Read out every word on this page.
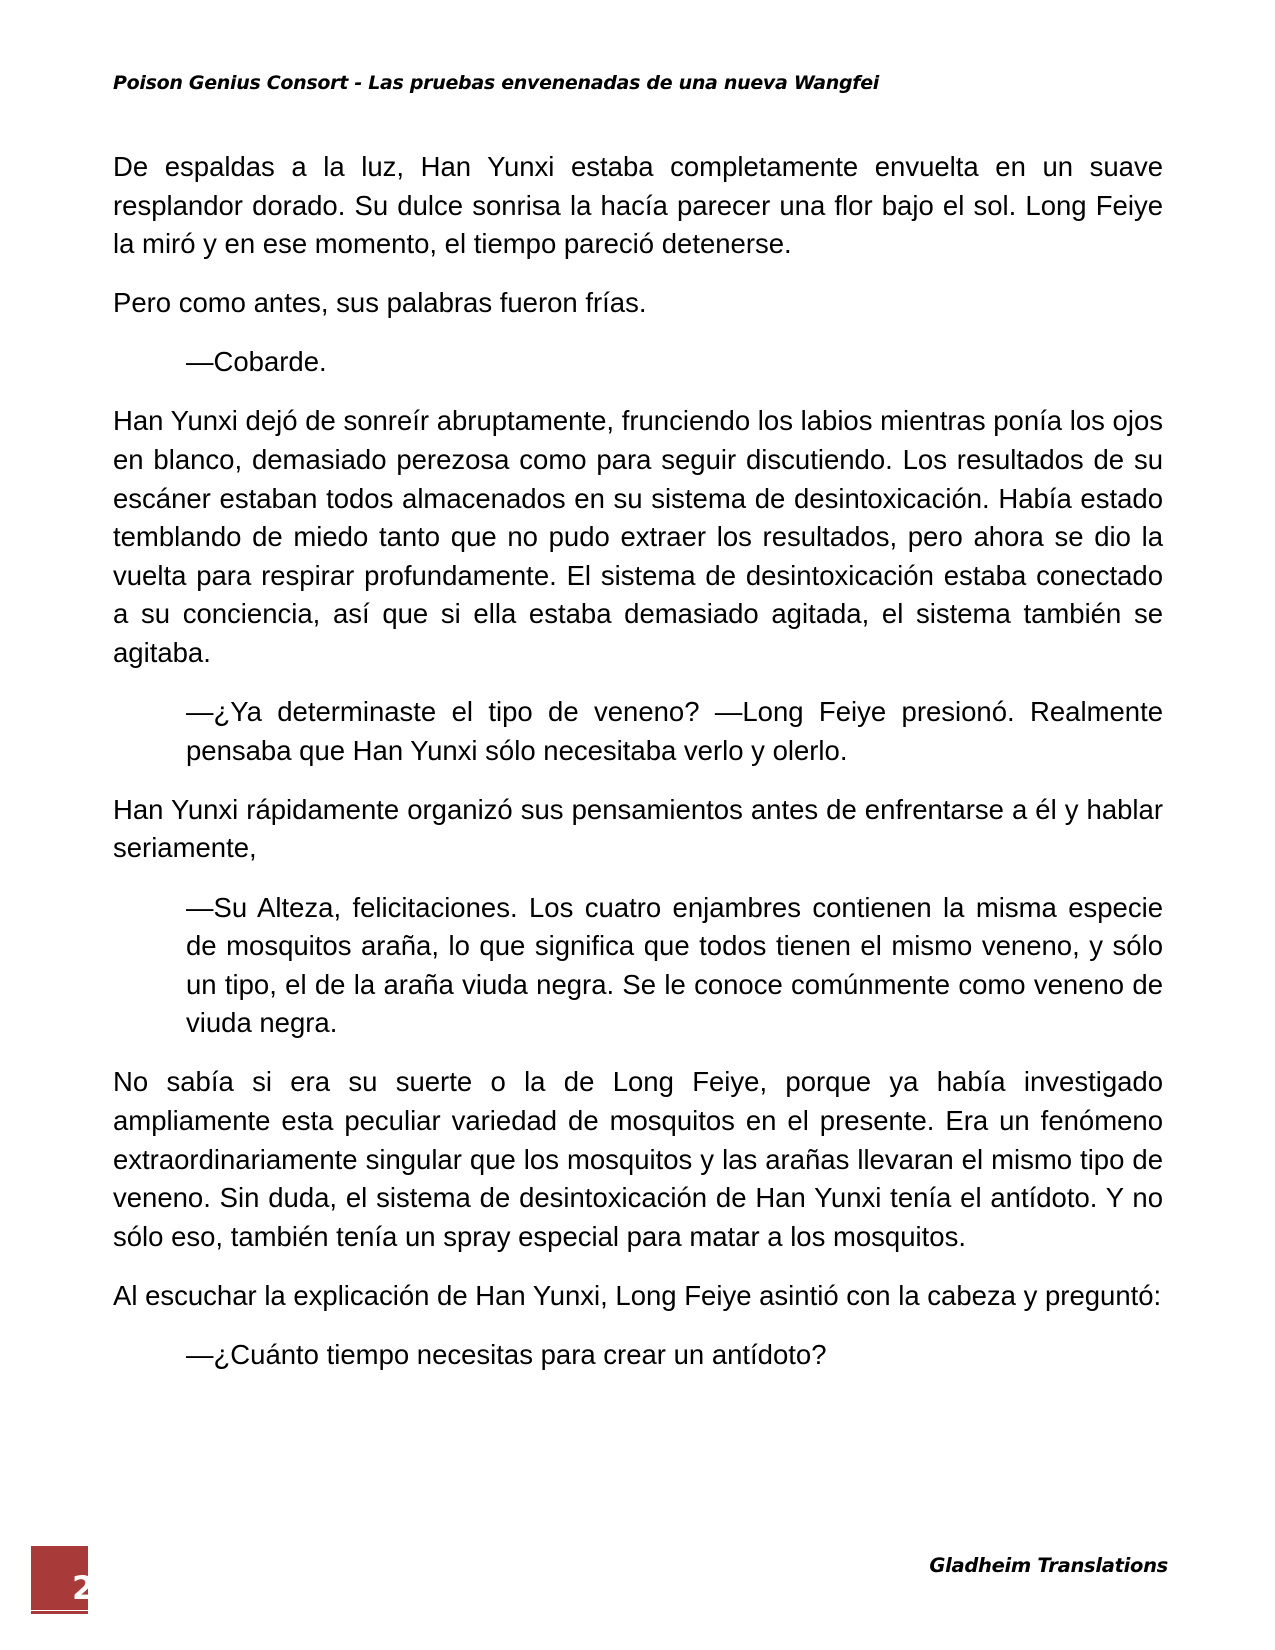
Poison Genius Consort - Las pruebas envenenadas de una nueva Wangfei

De espaldas a la luz, Han Yunxi estaba completamente envuelta en un suave resplandor dorado. Su dulce sonrisa la hacía parecer una flor bajo el sol. Long Feiye la miró y en ese momento, el tiempo pareció detenerse.

Pero como antes, sus palabras fueron frías.

—Cobarde.

Han Yunxi dejó de sonreír abruptamente, frunciendo los labios mientras ponía los ojos en blanco, demasiado perezosa como para seguir discutiendo. Los resultados de su escáner estaban todos almacenados en su sistema de desintoxicación. Había estado temblando de miedo tanto que no pudo extraer los resultados, pero ahora se dio la vuelta para respirar profundamente. El sistema de desintoxicación estaba conectado a su conciencia, así que si ella estaba demasiado agitada, el sistema también se agitaba.

—¿Ya determinaste el tipo de veneno? —Long Feiye presionó. Realmente pensaba que Han Yunxi sólo necesitaba verlo y olerlo.

Han Yunxi rápidamente organizó sus pensamientos antes de enfrentarse a él y hablar seriamente,

—Su Alteza, felicitaciones. Los cuatro enjambres contienen la misma especie de mosquitos araña, lo que significa que todos tienen el mismo veneno, y sólo un tipo, el de la araña viuda negra. Se le conoce comúnmente como veneno de viuda negra.

No sabía si era su suerte o la de Long Feiye, porque ya había investigado ampliamente esta peculiar variedad de mosquitos en el presente. Era un fenómeno extraordinariamente singular que los mosquitos y las arañas llevaran el mismo tipo de veneno. Sin duda, el sistema de desintoxicación de Han Yunxi tenía el antídoto. Y no sólo eso, también tenía un spray especial para matar a los mosquitos.

Al escuchar la explicación de Han Yunxi, Long Feiye asintió con la cabeza y preguntó:

—¿Cuánto tiempo necesitas para crear un antídoto?

2
Gladheim Translations
